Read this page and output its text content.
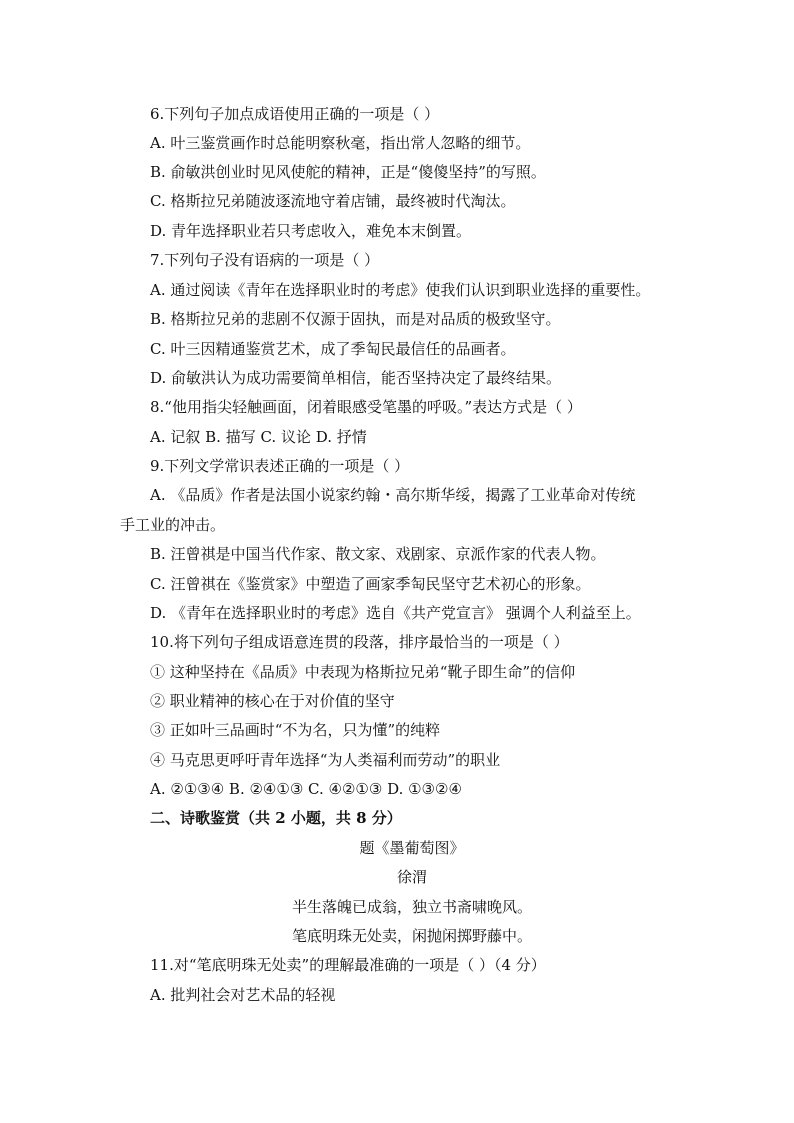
6.下列句子加点成语使用正确的一项是（ ）
A. 叶三鉴赏画作时总能明察秋毫，指出常人忽略的细节。
B. 俞敏洪创业时见风使舵的精神，正是“傻傻坚持”的写照。
C. 格斯拉兄弟随波逐流地守着店铺，最终被时代淘汰。
D. 青年选择职业若只考虑收入，难免本末倒置。
7.下列句子没有语病的一项是（ ）
A. 通过阅读《青年在选择职业时的考虑》使我们认识到职业选择的重要性。
B. 格斯拉兄弟的悲剧不仅源于固执，而是对品质的极致坚守。
C. 叶三因精通鉴赏艺术，成了季匋民最信任的品画者。
D. 俞敏洪认为成功需要简单相信，能否坚持决定了最终结果。
8.“他用指尖轻触画面，闭着眼感受笔墨的呼吸。”表达方式是（ ）
A. 记叙 B. 描写 C. 议论 D. 抒情
9.下列文学常识表述正确的一项是（ ）
A. 《品质》作者是法国小说家约翰・高尔斯华绥，揭露了工业革命对传统
手工业的冲击。
B. 汪曾祺是中国当代作家、散文家、戏剧家、京派作家的代表人物。
C. 汪曾祺在《鉴赏家》中塑造了画家季匋民坚守艺术初心的形象。
D. 《青年在选择职业时的考虑》选自《共产党宣言》 强调个人利益至上。
10.将下列句子组成语意连贯的段落，排序最恰当的一项是（ ）
① 这种坚持在《品质》中表现为格斯拉兄弟“靴子即生命”的信仰
② 职业精神的核心在于对价值的坚守
③ 正如叶三品画时“不为名，只为懂”的纯粹
④ 马克思更呼吁青年选择“为人类福利而劳动”的职业
A. ②①③④ B. ②④①③ C. ④②①③ D. ①③②④
二、诗歌鉴赏（共 2 小题，共 8 分）
题《墨葡萄图》
徐渭
半生落魄已成翁，独立书斋啸晚风。
笔底明珠无处卖，闲抛闲掷野藤中。
11.对“笔底明珠无处卖”的理解最准确的一项是（ ）（4 分）
A. 批判社会对艺术品的轻视
